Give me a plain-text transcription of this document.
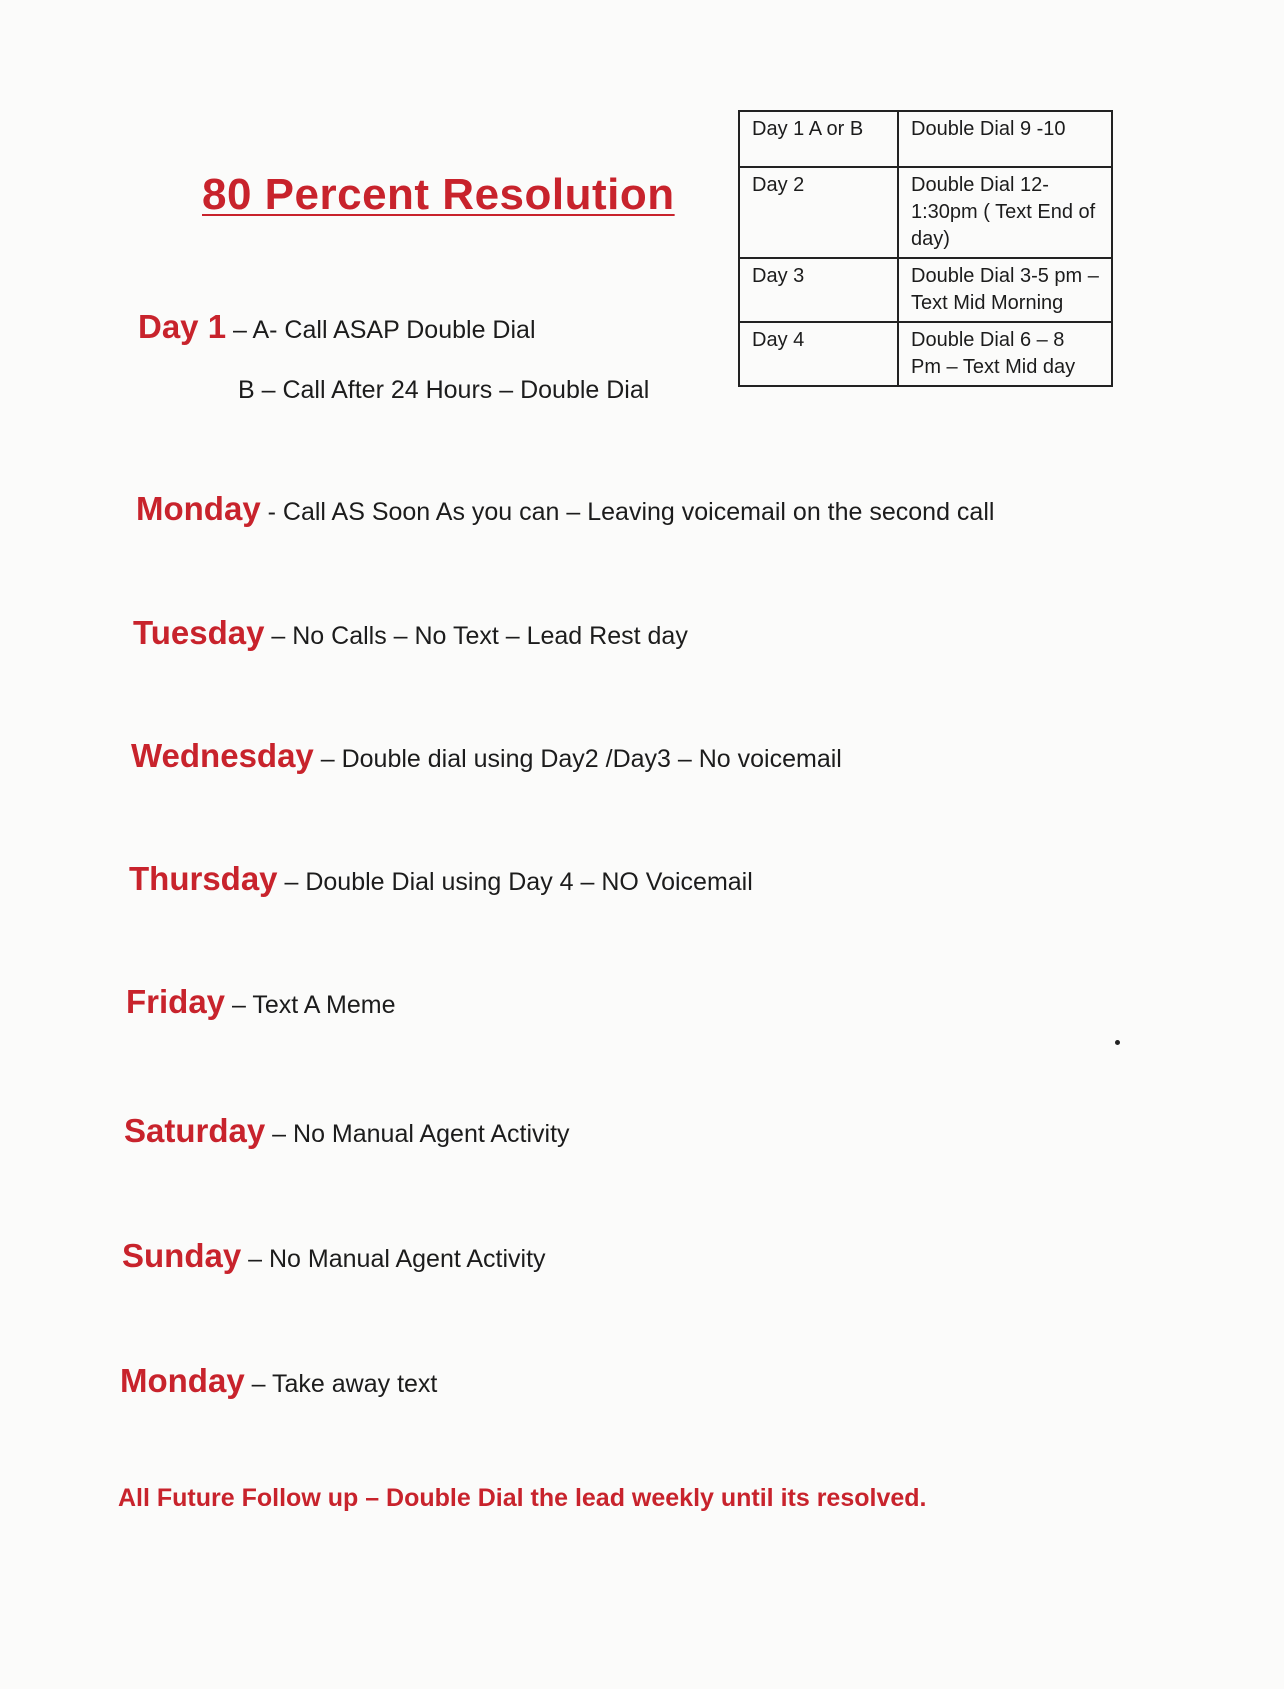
80 Percent Resolution
Day 1 A or B	Double Dial 9 -10
Day 2	Double Dial 12-1:30pm ( Text End of day)
Day 3	Double Dial 3-5 pm – Text Mid Morning
Day 4	Double Dial 6 – 8 Pm – Text Mid day
Day 1 – A- Call ASAP Double Dial
B – Call After 24 Hours – Double Dial
Monday - Call AS Soon As you can – Leaving voicemail on the second call
Tuesday – No Calls – No Text – Lead Rest day
Wednesday – Double dial using Day2 /Day3 – No voicemail
Thursday – Double Dial using Day 4 – NO Voicemail
Friday – Text A Meme
Saturday – No Manual Agent Activity
Sunday – No Manual Agent Activity
Monday – Take away text
All Future Follow up – Double Dial the lead weekly until its resolved.
